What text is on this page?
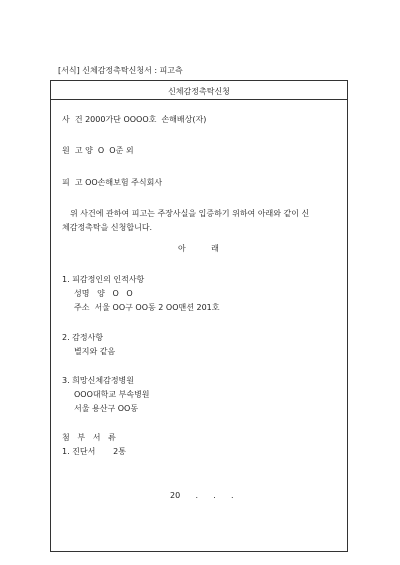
[서식] 신체감정촉탁신청서 : 피고측
신체감정촉탁신청
사  건 2000가단 OOOO호  손해배상(자)
원  고 양  O  O준 외
피  고 OO손해보험 주식회사
위 사건에 관하여 피고는 주장사실을 입증하기 위하여 아래와 같이 신
체감정촉탁을 신청합니다.
아          래
1. 피감정인의 인적사항
성명   양   O   O
주소  서울 OO구 OO동 2 OO맨션 201호
2. 감정사항
별지와 같음
3. 희망신체감정병원
OOO대학교 부속병원
서울 용산구 OO동
첨   부   서   류
1. 진단서       2통
20      .      .      .
